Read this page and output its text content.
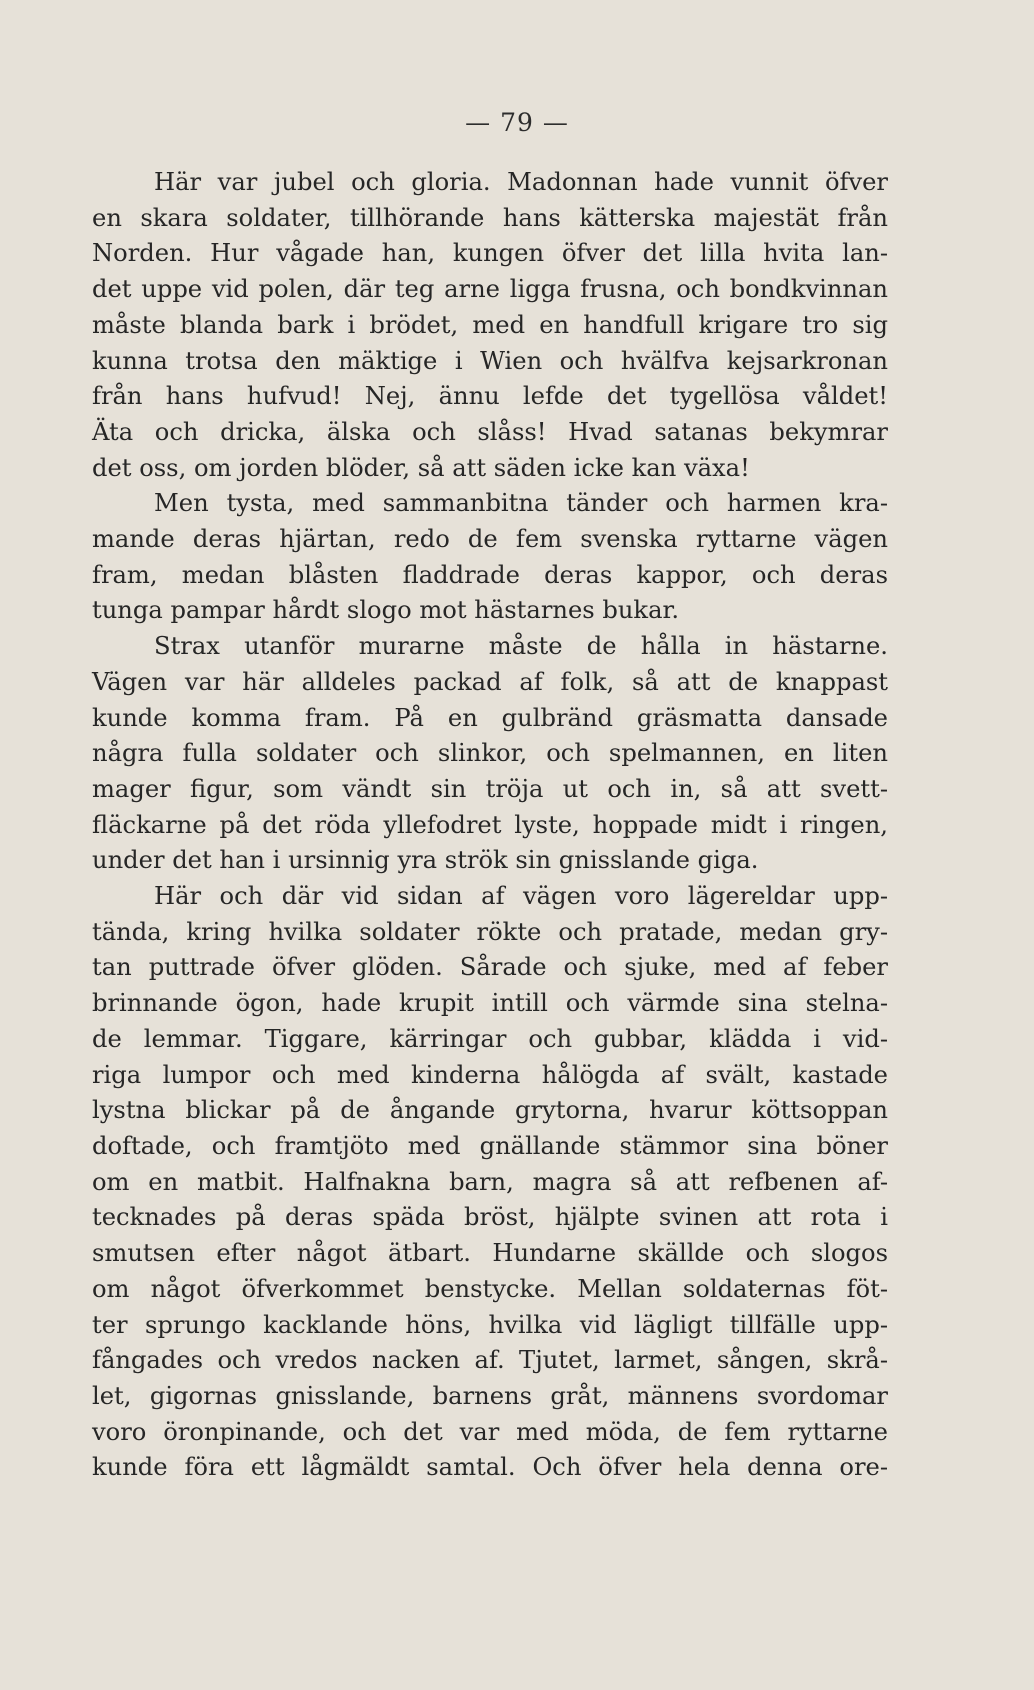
— 79 —
Här var jubel och gloria. Madonnan hade vunnit öfver
en skara soldater, tillhörande hans kätterska majestät från
Norden. Hur vågade han, kungen öfver det lilla hvita lan-
det uppe vid polen, där teg arne ligga frusna, och bondkvinnan
måste blanda bark i brödet, med en handfull krigare tro sig
kunna trotsa den mäktige i Wien och hvälfva kejsarkronan
från hans hufvud! Nej, ännu lefde det tygellösa våldet!
Äta och dricka, älska och slåss! Hvad satanas bekymrar
det oss, om jorden blöder, så att säden icke kan växa!
Men tysta, med sammanbitna tänder och harmen kra-
mande deras hjärtan, redo de fem svenska ryttarne vägen
fram, medan blåsten fladdrade deras kappor, och deras
tunga pampar hårdt slogo mot hästarnes bukar.
Strax utanför murarne måste de hålla in hästarne.
Vägen var här alldeles packad af folk, så att de knappast
kunde komma fram. På en gulbränd gräsmatta dansade
några fulla soldater och slinkor, och spelmannen, en liten
mager figur, som vändt sin tröja ut och in, så att svett-
fläckarne på det röda yllefodret lyste, hoppade midt i ringen,
under det han i ursinnig yra strök sin gnisslande giga.
Här och där vid sidan af vägen voro lägereldar upp-
tända, kring hvilka soldater rökte och pratade, medan gry-
tan puttrade öfver glöden. Sårade och sjuke, med af feber
brinnande ögon, hade krupit intill och värmde sina stelna-
de lemmar. Tiggare, kärringar och gubbar, klädda i vid-
riga lumpor och med kinderna hålögda af svält, kastade
lystna blickar på de ångande grytorna, hvarur köttsoppan
doftade, och framtjöto med gnällande stämmor sina böner
om en matbit. Halfnakna barn, magra så att refbenen af-
tecknades på deras spädа bröst, hjälpte svinen att rota i
smutsen efter något ätbart. Hundarne skällde och slogos
om något öfverkommet benstycke. Mellan soldaternas föt-
ter sprungo kacklande höns, hvilka vid lägligt tillfälle upp-
fångades och vredos nacken af. Tjutet, larmet, sången, skrå-
let, gigornas gnisslande, barnens gråt, männens svordomar
voro öronpinande, och det var med möda, de fem ryttarne
kunde föra ett lågmäldt samtal. Och öfver hela denna ore-
